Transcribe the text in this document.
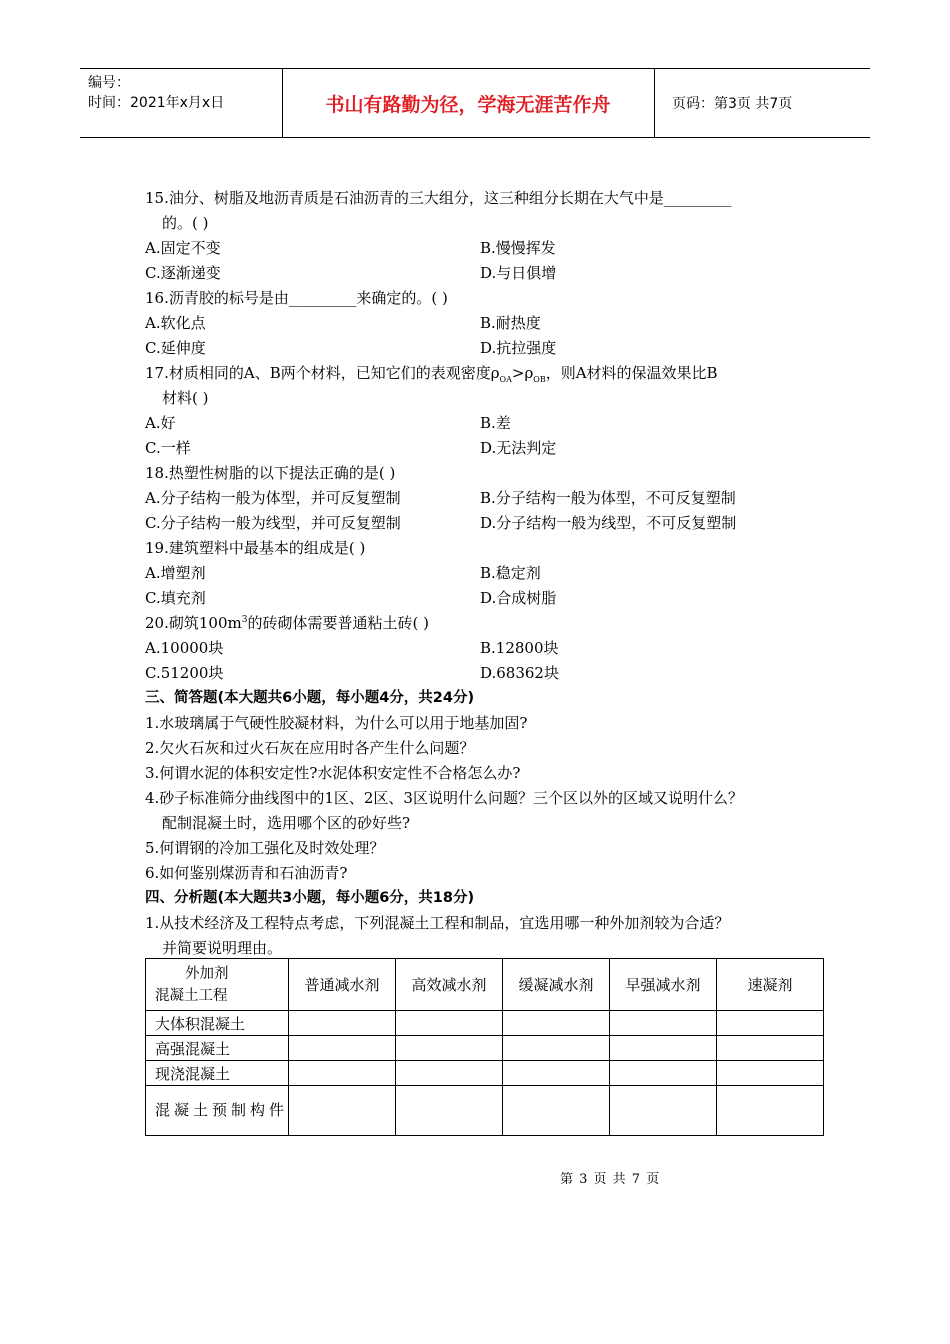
编号：
时间：2021年x月x日	书山有路勤为径，学海无涯苦作舟	页码：第3页 共7页
15.油分、树脂及地沥青质是石油沥青的三大组分，这三种组分长期在大气中是_________
的。( )
A.固定不变	B.慢慢挥发
C.逐渐递变	D.与日俱增
16.沥青胶的标号是由_________来确定的。( )
A.软化点	B.耐热度
C.延伸度	D.抗拉强度
17.材质相同的A、B两个材料，已知它们的表观密度$\rho_{OA}>\rho_{OB}$，则A材料的保温效果比B
材料( )
A.好	B.差
C.一样	D.无法判定
18.热塑性树脂的以下提法正确的是( )
A.分子结构一般为体型，并可反复塑制	B.分子结构一般为体型，不可反复塑制
C.分子结构一般为线型，并可反复塑制	D.分子结构一般为线型，不可反复塑制
19.建筑塑料中最基本的组成是( )
A.增塑剂	B.稳定剂
C.填充剂	D.合成树脂
20.砌筑$100m^3$的砖砌体需要普通粘土砖( )
A.10000块	B.12800块
C.51200块	D.68362块
三、简答题(本大题共6小题，每小题4分，共24分)
1.水玻璃属于气硬性胶凝材料，为什么可以用于地基加固?
2.欠火石灰和过火石灰在应用时各产生什么问题？
3.何谓水泥的体积安定性?水泥体积安定性不合格怎么办?
4.砂子标准筛分曲线图中的1区、2区、3区说明什么问题？三个区以外的区域又说明什么？
配制混凝土时，选用哪个区的砂好些?
5.何谓钢的冷加工强化及时效处理？
6.如何鉴别煤沥青和石油沥青?
四、分析题(本大题共3小题，每小题6分，共18分)
1.从技术经济及工程特点考虑，下列混凝土工程和制品，宜选用哪一种外加剂较为合适？
并简要说明理由。
外加剂
混凝土工程	普通减水剂	高效减水剂	缓凝减水剂	早强减水剂	速凝剂
大体积混凝土					
高强混凝土					
现浇混凝土					
混凝土预制构件					
第 3 页 共 7 页
